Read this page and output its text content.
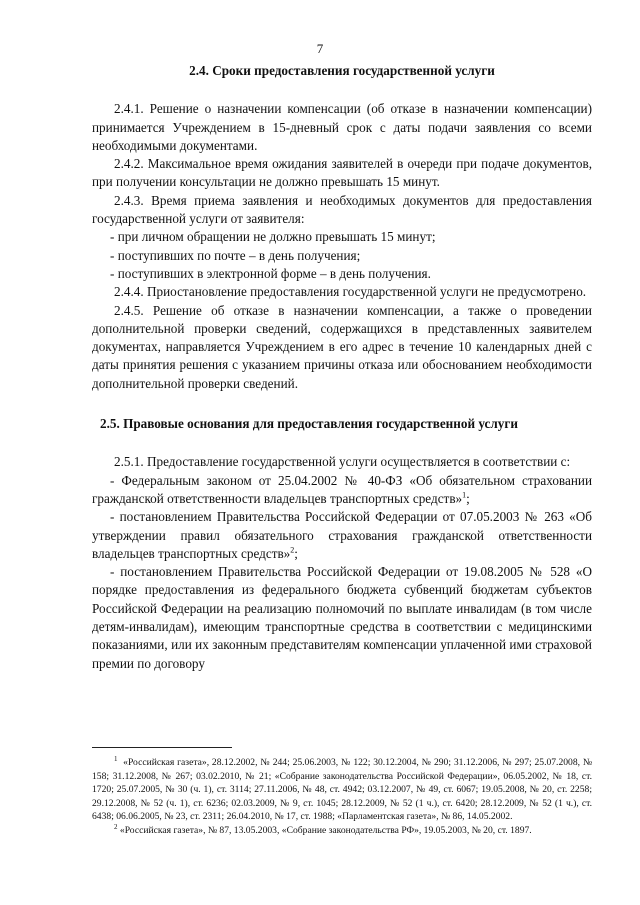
7
2.4. Сроки предоставления государственной услуги

2.4.1. Решение о назначении компенсации (об отказе в назначении компенсации) принимается Учреждением в 15-дневный срок с даты подачи заявления со всеми необходимыми документами.

2.4.2. Максимальное время ожидания заявителей в очереди при подаче документов, при получении консультации не должно превышать 15 минут.

2.4.3. Время приема заявления и необходимых документов для предоставления государственной услуги от заявителя:

- при личном обращении не должно превышать 15 минут;

- поступивших по почте – в день получения;

- поступивших в электронной форме – в день получения.

2.4.4. Приостановление предоставления государственной услуги не предусмотрено.

2.4.5. Решение об отказе в назначении компенсации, а также о проведении дополнительной проверки сведений, содержащихся в представленных заявителем документах, направляется Учреждением в его адрес в течение 10 календарных дней с даты принятия решения с указанием причины отказа или обоснованием необходимости дополнительной проверки сведений.

2.5. Правовые основания для предоставления государственной услуги

2.5.1. Предоставление государственной услуги осуществляется в соответствии с:

- Федеральным законом от 25.04.2002 № 40-ФЗ «Об обязательном страховании гражданской ответственности владельцев транспортных средств»$^1$;

- постановлением Правительства Российской Федерации от 07.05.2003 № 263 «Об утверждении правил обязательного страхования гражданской ответственности владельцев транспортных средств»$^2$;

- постановлением Правительства Российской Федерации от 19.08.2005 № 528 «О порядке предоставления из федерального бюджета субвенций бюджетам субъектов Российской Федерации на реализацию полномочий по выплате инвалидам (в том числе детям-инвалидам), имеющим транспортные средства в соответствии с медицинскими показаниями, или их законным представителям компенсации уплаченной ими страховой премии по договору

$^1$ «Российская газета», 28.12.2002, № 244; 25.06.2003, № 122; 30.12.2004, № 290; 31.12.2006, № 297; 25.07.2008, № 158; 31.12.2008, № 267; 03.02.2010, № 21; «Собрание законодательства Российской Федерации», 06.05.2002, № 18, ст. 1720; 25.07.2005, № 30 (ч. 1), ст. 3114; 27.11.2006, № 48, ст. 4942; 03.12.2007, № 49, ст. 6067; 19.05.2008, № 20, ст. 2258; 29.12.2008, № 52 (ч. 1), ст. 6236; 02.03.2009, № 9, ст. 1045; 28.12.2009, № 52 (1 ч.), ст. 6420; 28.12.2009, № 52 (1 ч.), ст. 6438; 06.06.2005, № 23, ст. 2311; 26.04.2010, № 17, ст. 1988; «Парламентская газета», № 86, 14.05.2002.

$^2$ «Российская газета», № 87, 13.05.2003, «Собрание законодательства РФ», 19.05.2003, № 20, ст. 1897.
